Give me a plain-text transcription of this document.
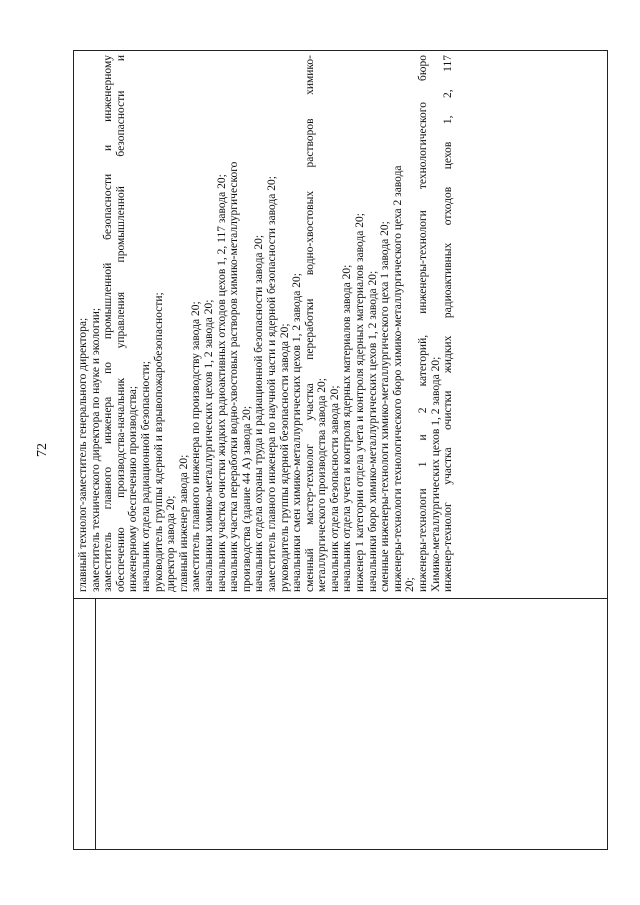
72 главный технолог-заместитель генерального директора; заместитель технического директора по науке и экологии; заместитель главного инженера по промышленной безопасности и инженерному обеспечению производства-начальник управления промышленной безопасности и инженерному обеспечению производства; начальник отдела радиационной безопасности; руководитель группы ядерной и взрывопожаробезопасности; директор завода 20; главный инженер завода 20; заместитель главного инженера по производству завода 20; начальники химико-металлургических цехов 1, 2 завода 20; начальник участка очистки жидких радиоактивных отходов цехов 1, 2, 117 завода 20; начальник участка переработки водно-хвостовых растворов химико-металлургического производства (здание 44 А) завода 20; начальник отдела охраны труда и радиационной безопасности завода 20; заместитель главного инженера по научной части и ядерной безопасности завода 20; руководитель группы ядерной безопасности завода 20; начальники смен химико-металлургических цехов 1, 2 завода 20; сменный мастер-технолог участка переработки водно-хвостовых растворов химико- металлургического производства завода 20; начальник отдела безопасности завода 20; начальник отдела учета и контроля ядерных материалов завода 20; инженер 1 категории отдела учета и контроля ядерных материалов завода 20; начальники бюро химико-металлургических цехов 1, 2 завода 20; сменные инженеры-технологи химико-металлургического цеха 1 завода 20; инженеры-технологи технологического бюро химико-металлургического цеха 2 завода 20; инженеры-технологи 1 и 2 категорий, инженеры-технологи технологического бюро Химико-металлургических цехов 1, 2 завода 20; инженер-технолог участка очистки жидких радиоактивных отходов цехов 1, 2, 117
